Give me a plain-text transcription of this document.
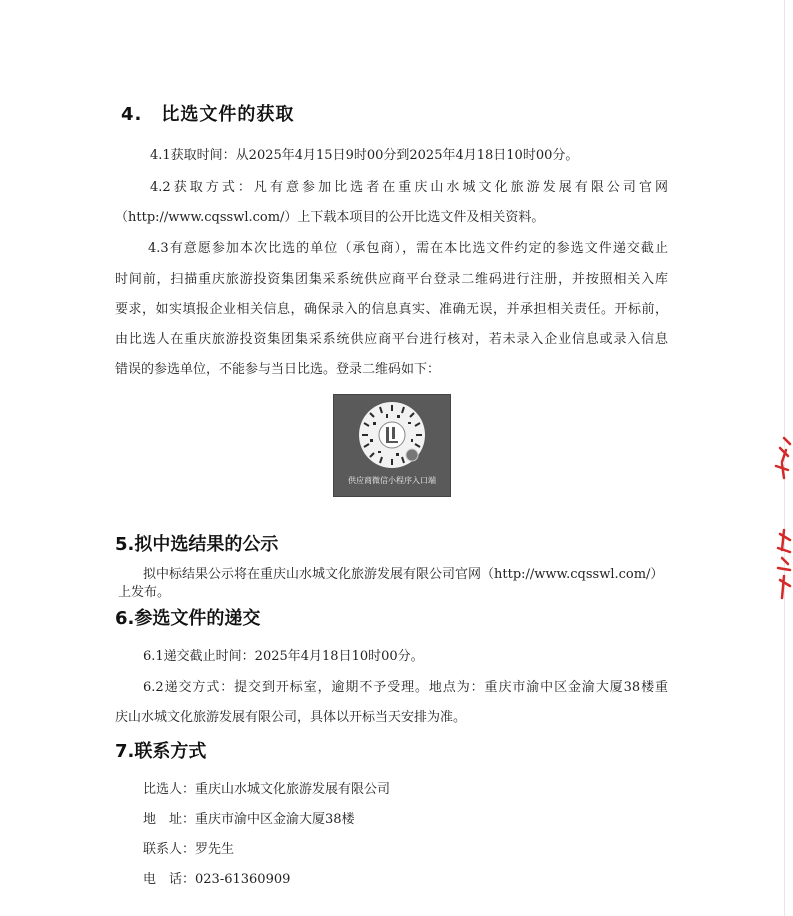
4.　比选文件的获取
4.1获取时间：从2025年4月15日9时00分到2025年4月18日10时00分。
4.2获取方式：凡有意参加比选者在重庆山水城文化旅游发展有限公司官网
（http://www.cqsswl.com/）上下载本项目的公开比选文件及相关资料。
4.3有意愿参加本次比选的单位（承包商），需在本比选文件约定的参选文件递交截止
时间前，扫描重庆旅游投资集团集采系统供应商平台登录二维码进行注册，并按照相关入库
要求，如实填报企业相关信息，确保录入的信息真实、准确无误，并承担相关责任。开标前，
由比选人在重庆旅游投资集团集采系统供应商平台进行核对，若未录入企业信息或录入信息
错误的参选单位，不能参与当日比选。登录二维码如下：
供应商微信小程序入口端
5.拟中选结果的公示
拟中标结果公示将在重庆山水城文化旅游发展有限公司官网（http://www.cqsswl.com/）
上发布。
6.参选文件的递交
6.1递交截止时间：2025年4月18日10时00分。
6.2递交方式：提交到开标室，逾期不予受理。地点为：重庆市渝中区金渝大厦38楼重
庆山水城文化旅游发展有限公司，具体以开标当天安排为准。
7.联系方式
比选人：重庆山水城文化旅游发展有限公司
地　址：重庆市渝中区金渝大厦38楼
联系人：罗先生
电　话：023-61360909
